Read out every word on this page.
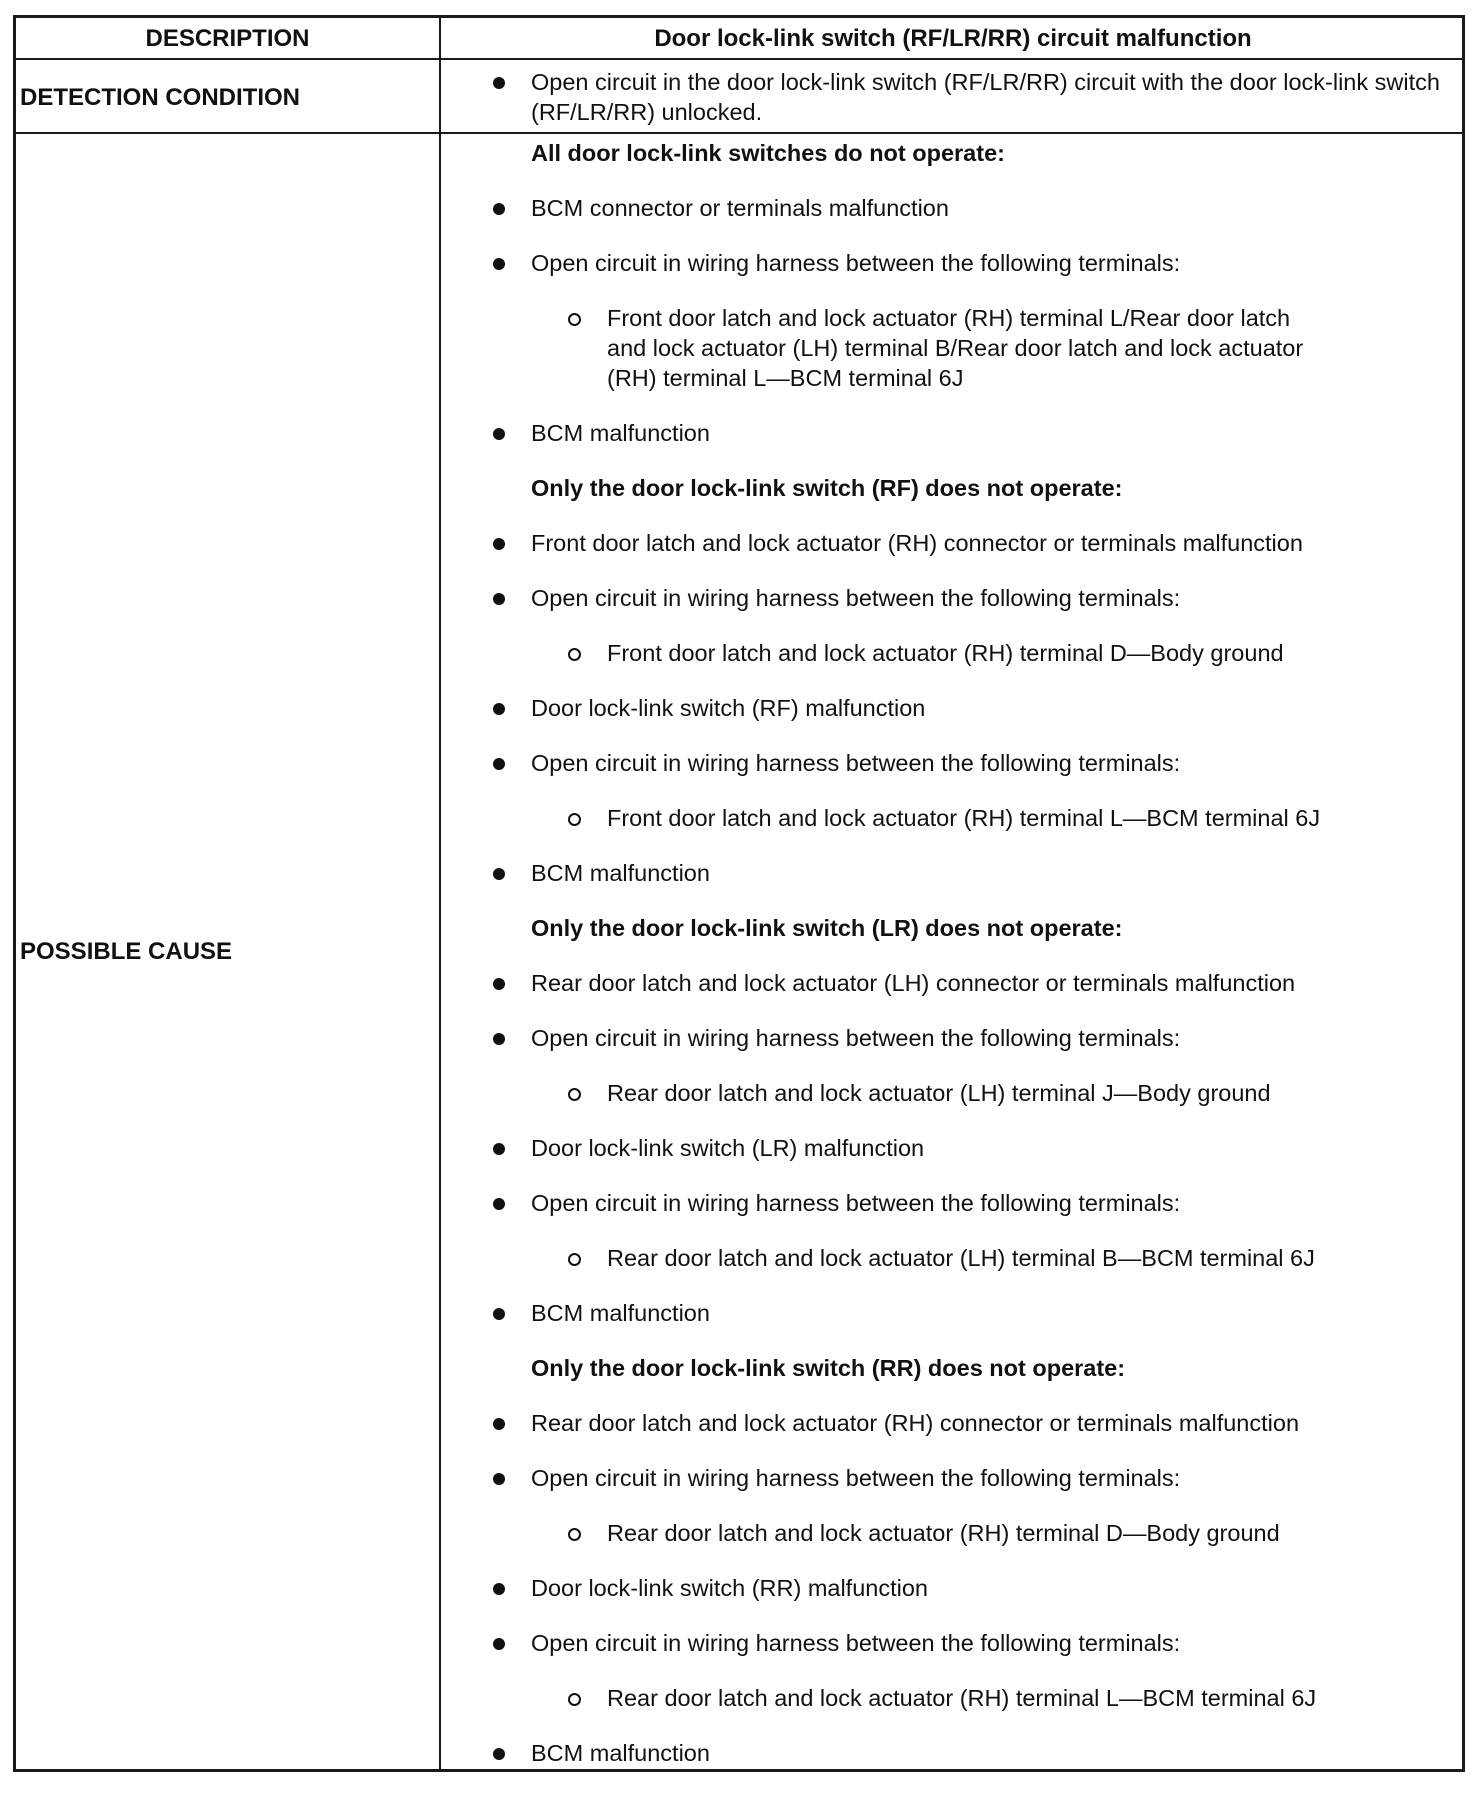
DESCRIPTION	Door lock-link switch (RF/LR/RR) circuit malfunction
DETECTION CONDITION
Open circuit in the door lock-link switch (RF/LR/RR) circuit with the door lock-link switch (RF/LR/RR) unlocked.
POSSIBLE CAUSE
All door lock-link switches do not operate:
BCM connector or terminals malfunction
Open circuit in wiring harness between the following terminals:
Front door latch and lock actuator (RH) terminal L/Rear door latch and lock actuator (LH) terminal B/Rear door latch and lock actuator (RH) terminal L—BCM terminal 6J
BCM malfunction
Only the door lock-link switch (RF) does not operate:
Front door latch and lock actuator (RH) connector or terminals malfunction
Open circuit in wiring harness between the following terminals:
Front door latch and lock actuator (RH) terminal D—Body ground
Door lock-link switch (RF) malfunction
Open circuit in wiring harness between the following terminals:
Front door latch and lock actuator (RH) terminal L—BCM terminal 6J
BCM malfunction
Only the door lock-link switch (LR) does not operate:
Rear door latch and lock actuator (LH) connector or terminals malfunction
Open circuit in wiring harness between the following terminals:
Rear door latch and lock actuator (LH) terminal J—Body ground
Door lock-link switch (LR) malfunction
Open circuit in wiring harness between the following terminals:
Rear door latch and lock actuator (LH) terminal B—BCM terminal 6J
BCM malfunction
Only the door lock-link switch (RR) does not operate:
Rear door latch and lock actuator (RH) connector or terminals malfunction
Open circuit in wiring harness between the following terminals:
Rear door latch and lock actuator (RH) terminal D—Body ground
Door lock-link switch (RR) malfunction
Open circuit in wiring harness between the following terminals:
Rear door latch and lock actuator (RH) terminal L—BCM terminal 6J
BCM malfunction
